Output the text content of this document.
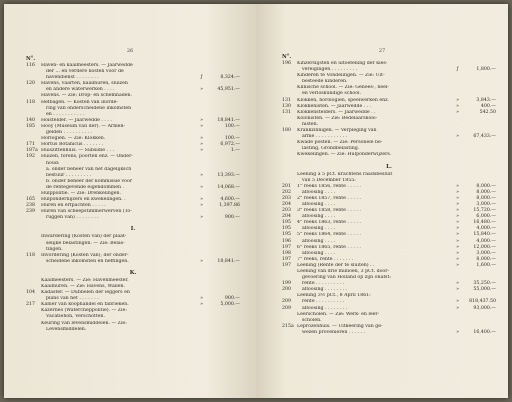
26
N°.
116	Haven- en kaaimeesters. — Jaarwedde
der ... en verdere kosten voor de
havendienst . . . . . . . .	ƒ	8,324.—
120	Havens, vaarten, kaaimuren, sluizen
en andere waterwerken . . . .	»	45,951.—
Havens. — Zie: Drop- en schemhaden.
118	Hefbagen. — Kosten van inorde-
ring van onderscheidene inkomsten
en . . . . . . . . . . .
140	Hoistelder. — Jaarwedde . . . .	»	18,841.—
185	Hooy (Museum van der). — Armen-	»	100.—
gelden . . . . . . . . . .
Horlogien. — Zie: Klokken.	»	100.—
171	Hortus Botanicus . . . . . . .	»	6,972.—
187a Huiszittenhuis. — Subsidie . . .	»	1.—
192	Huizen, torens, poorten enz. — Onder-
houd:
a. onder beheer van het dagelijksch
bestuur . . . . . . . . .	»	13,393.—
b. onder beheer der kommissie voor
de rentegevende eigendommen .	»	14,068.—
Hulppolitie. — Zie: Drenkelingen.
165	Hulpondernijzers en kwekelingen. .	»	4,600.—
238	Huren en erfpachten . . . . .	»	1,397.86
239	Huren van scheepstimmerwerven (To-
ruggen van) . . . . . . . .	»	900.—
I.
Inwardering (Kosten van) der plaat-
selijke belastingen. — Zie: Belas-
tingen.
118	Invordering (Kosten van), der onder-
scheidene inkomsten en heffingen.	»	18,841.—
K.
Kaaimeesters. — Zie: Havenmeester.
Kaaimuren. — Zie: Havens, Wallen.
104	Kadaster. — Dubbelen der leggers en
plans van het . . . . . . .	»	900.—
217	Kamer van koophandel en fabrieken.	»	5,000.—
Kazernes (Watercheppolitie). — Zie:
Vacatiehon, Verschotten.
Keuring van levensmiddelen. — Zie:
Levensmiddelen.
27
N°.
196	Kinzerslijsten en uitoefening der kies-
vereigingen . . . . . . . . .	ƒ	1,800.—
Kinderen te Vondelingen. — Zie: Uit-
besteede kinderen.
Klinische school. — Zie: Genees-, heel-
en verloskundige school.
131	Klokken, horologien, speelwerken enz.	»	3,843.—
130	Klokkenisten. — Jaarwedde . . .	»	400.—
131	Klokkenstelders. — Jaarwedde . .	»	542.50
Kolonisten. — Zie: Bedelaarskolo-
nisten.
180	Krankzinnigen. — Verpleging van
arme . . . . . . . . . . .	»	67,433.—
Kwade posten. — Zie: Personele be-
lasting, Grondbelasting.
Kwekelingen. — Zie: Hulponderwijzers.
L.
Leening à 5 pCt. krachtens raadsbesluit
van 5 December 1855:
201	1° reeks 1856, rente . . . . .	»	8,000.—
202	afloosing . . . .	»	8,000.—
203	2° reeks 1857, rente . . . . .	»	8,000.—
204	afloosing . . . .	»	3,000.—
203	3° reeks 1858, rente . . . . .	»	15,720.—
204	afloosing . . . .	»	6,000.—
195	4° reeks 1863, rente . . . . .	»	16,480.—
195	afloosing . . . .	»	4,000.—
195	5° reeks 1864, rente . . . . .	»	15,840.—
196	afloosing . . . .	»	4,000.—
197	6° reeks 1865, rente . . . . .	»	12,000.—
198	afloosing . . . .	»	3,000.—
197	7° reeks, rente . . . . . . .	»	8,000.—
197	Leening (Rente der te sluiten) . .	»	1,600.—
Leening van drie millioen, 3 pCt. door-
gevoering van Holland op zijn onafst:
199	rente . . . . . . . . . .	»	35,250.—
200	afloosing . . . . . . . .	»	55,000.—
Leening 3½ pCt., 8 April 1861:
209	rente . . . . . . . . . .	»	818,437.50
209	afloosing . . . . . . . .	»	93,000.—
Leerscholen. — Zie: Werk- en leer-
scholen.
215a Leprozenhuis. — Uitkeering van ge-
wezen provenieren . . . . . .	»	16,400.—
